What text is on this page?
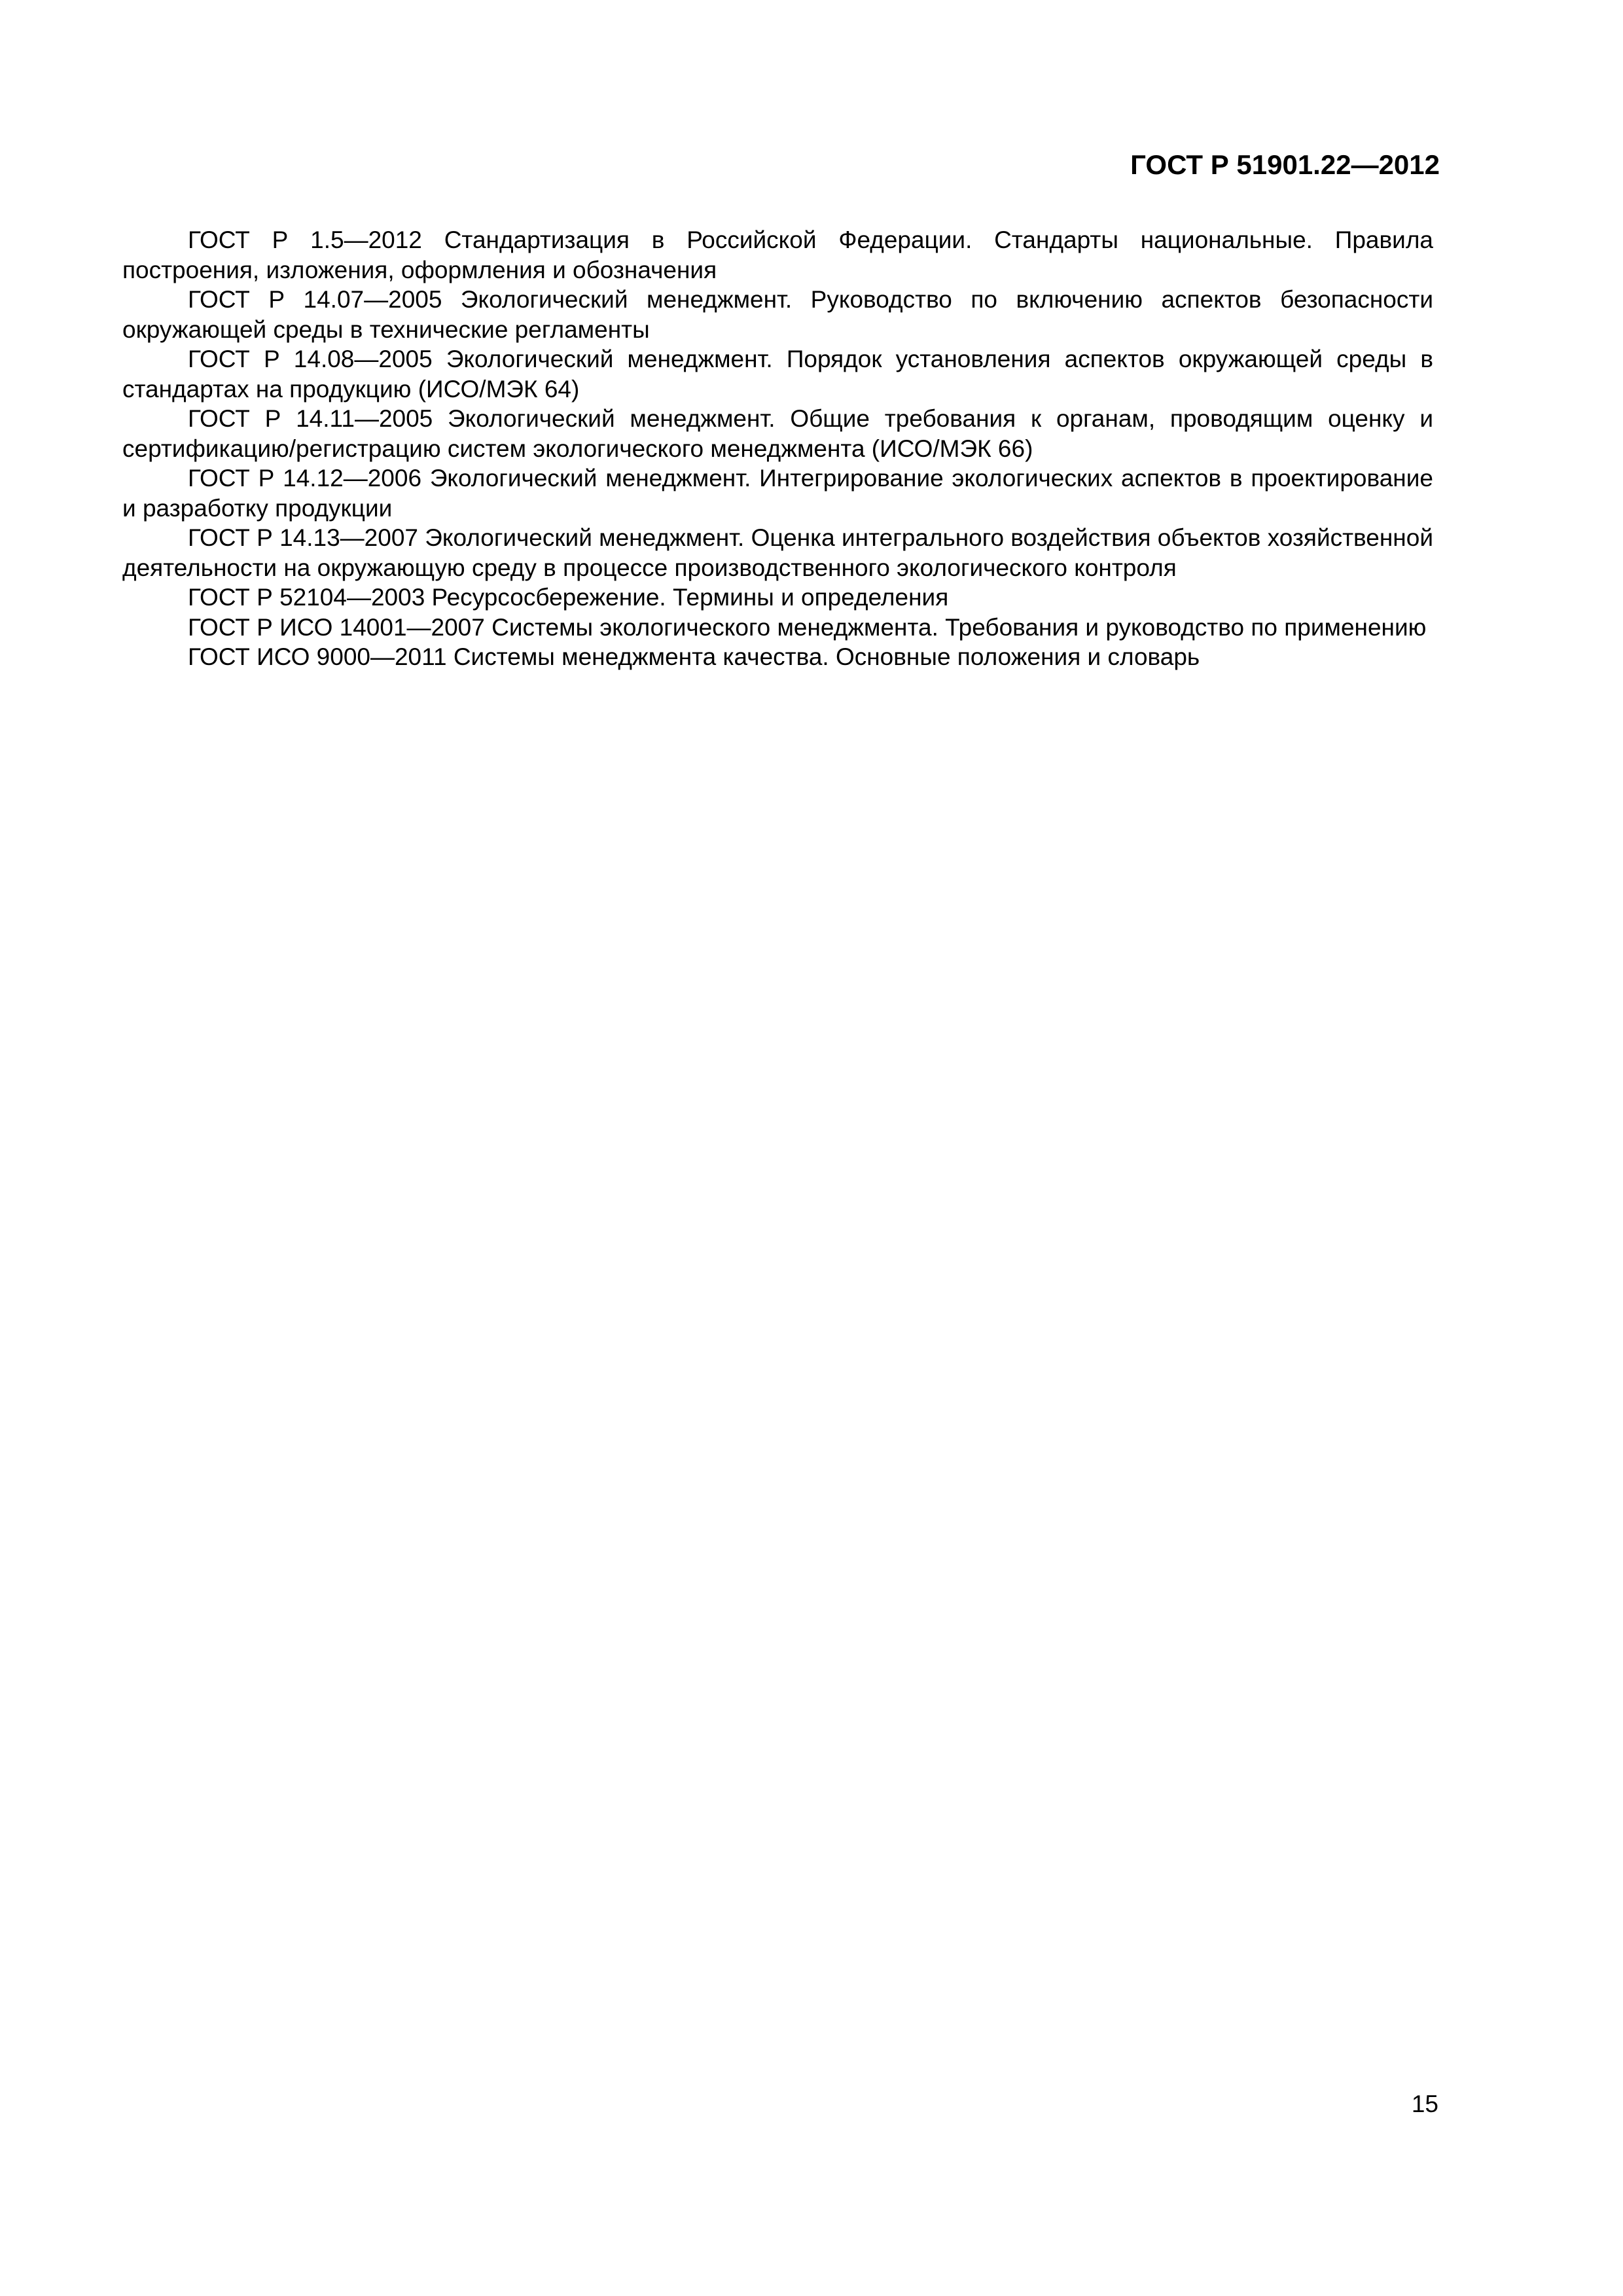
ГОСТ Р 51901.22—2012

ГОСТ Р 1.5—2012 Стандартизация в Российской Федерации. Стандарты национальные. Правила построения, изложения, оформления и обозначения

ГОСТ Р 14.07—2005 Экологический менеджмент. Руководство по включению аспектов безопасности окружающей среды в технические регламенты

ГОСТ Р 14.08—2005 Экологический менеджмент. Порядок установления аспектов окружающей среды в стандартах на продукцию (ИСО/МЭК 64)

ГОСТ Р 14.11—2005 Экологический менеджмент. Общие требования к органам, проводящим оценку и сертификацию/регистрацию систем экологического менеджмента (ИСО/МЭК 66)

ГОСТ Р 14.12—2006 Экологический менеджмент. Интегрирование экологических аспектов в проектирование и разработку продукции

ГОСТ Р 14.13—2007 Экологический менеджмент. Оценка интегрального воздействия объектов хозяйственной деятельности на окружающую среду в процессе производственного экологического контроля

ГОСТ Р 52104—2003 Ресурсосбережение. Термины и определения

ГОСТ Р ИСО 14001—2007 Системы экологического менеджмента. Требования и руководство по применению

ГОСТ ИСО 9000—2011 Системы менеджмента качества. Основные положения и словарь

15
